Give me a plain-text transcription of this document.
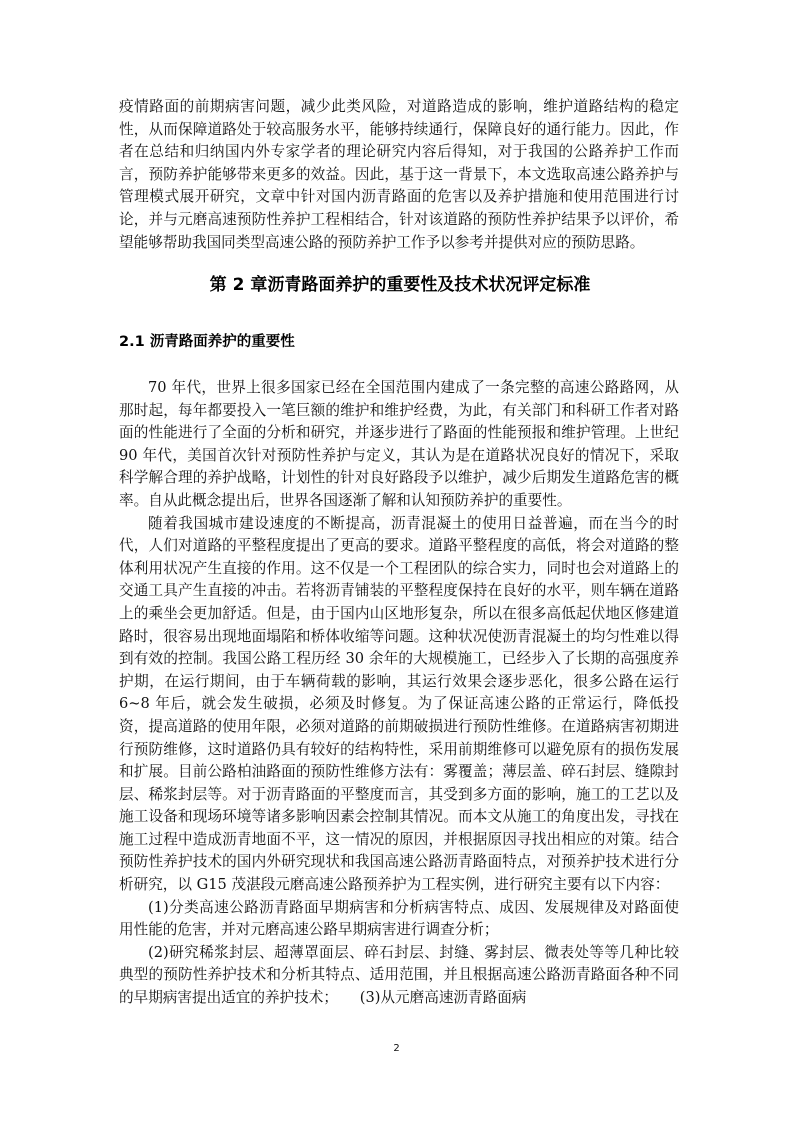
疫情路面的前期病害问题，减少此类风险，对道路造成的影响，维护道路结构的稳定性，从而保障道路处于较高服务水平，能够持续通行，保障良好的通行能力。因此，作者在总结和归纳国内外专家学者的理论研究内容后得知，对于我国的公路养护工作而言，预防养护能够带来更多的效益。因此，基于这一背景下，本文选取高速公路养护与管理模式展开研究，文章中针对国内沥青路面的危害以及养护措施和使用范围进行讨论，并与元磨高速预防性养护工程相结合，针对该道路的预防性养护结果予以评价，希望能够帮助我国同类型高速公路的预防养护工作予以参考并提供对应的预防思路。

第 2 章沥青路面养护的重要性及技术状况评定标准
2.1 沥青路面养护的重要性

70 年代，世界上很多国家已经在全国范围内建成了一条完整的高速公路路网，从那时起，每年都要投入一笔巨额的维护和维护经费，为此，有关部门和科研工作者对路面的性能进行了全面的分析和研究，并逐步进行了路面的性能预报和维护管理。上世纪 90 年代，美国首次针对预防性养护与定义，其认为是在道路状况良好的情况下，采取科学解合理的养护战略，计划性的针对良好路段予以维护，减少后期发生道路危害的概率。自从此概念提出后，世界各国逐渐了解和认知预防养护的重要性。

随着我国城市建设速度的不断提高，沥青混凝土的使用日益普遍，而在当今的时代，人们对道路的平整程度提出了更高的要求。道路平整程度的高低，将会对道路的整体利用状况产生直接的作用。这不仅是一个工程团队的综合实力，同时也会对道路上的交通工具产生直接的冲击。若将沥青铺装的平整程度保持在良好的水平，则车辆在道路上的乘坐会更加舒适。但是，由于国内山区地形复杂，所以在很多高低起伏地区修建道路时，很容易出现地面塌陷和桥体收缩等问题。这种状况使沥青混凝土的均匀性难以得到有效的控制。我国公路工程历经 30 余年的大规模施工，已经步入了长期的高强度养护期，在运行期间，由于车辆荷载的影响，其运行效果会逐步恶化，很多公路在运行 6~8 年后，就会发生破损，必须及时修复。为了保证高速公路的正常运行，降低投资，提高道路的使用年限，必须对道路的前期破损进行预防性维修。在道路病害初期进行预防维修，这时道路仍具有较好的结构特性，采用前期维修可以避免原有的损伤发展和扩展。目前公路柏油路面的预防性维修方法有：雾覆盖；薄层盖、碎石封层、缝隙封层、稀浆封层等。对于沥青路面的平整度而言，其受到多方面的影响，施工的工艺以及施工设备和现场环境等诸多影响因素会控制其情况。而本文从施工的角度出发，寻找在施工过程中造成沥青地面不平，这一情况的原因，并根据原因寻找出相应的对策。结合预防性养护技术的国内外研究现状和我国高速公路沥青路面特点，对预养护技术进行分析研究，以 G15 茂湛段元磨高速公路预养护为工程实例，进行研究主要有以下内容：

(1)分类高速公路沥青路面早期病害和分析病害特点、成因、发展规律及对路面使用性能的危害，并对元磨高速公路早期病害进行调查分析；

(2)研究稀浆封层、超薄罩面层、碎石封层、封缝、雾封层、微表处等等几种比较典型的预防性养护技术和分析其特点、适用范围，并且根据高速公路沥青路面各种不同的早期病害提出适宜的养护技术；　　(3)从元磨高速沥青路面病

2
